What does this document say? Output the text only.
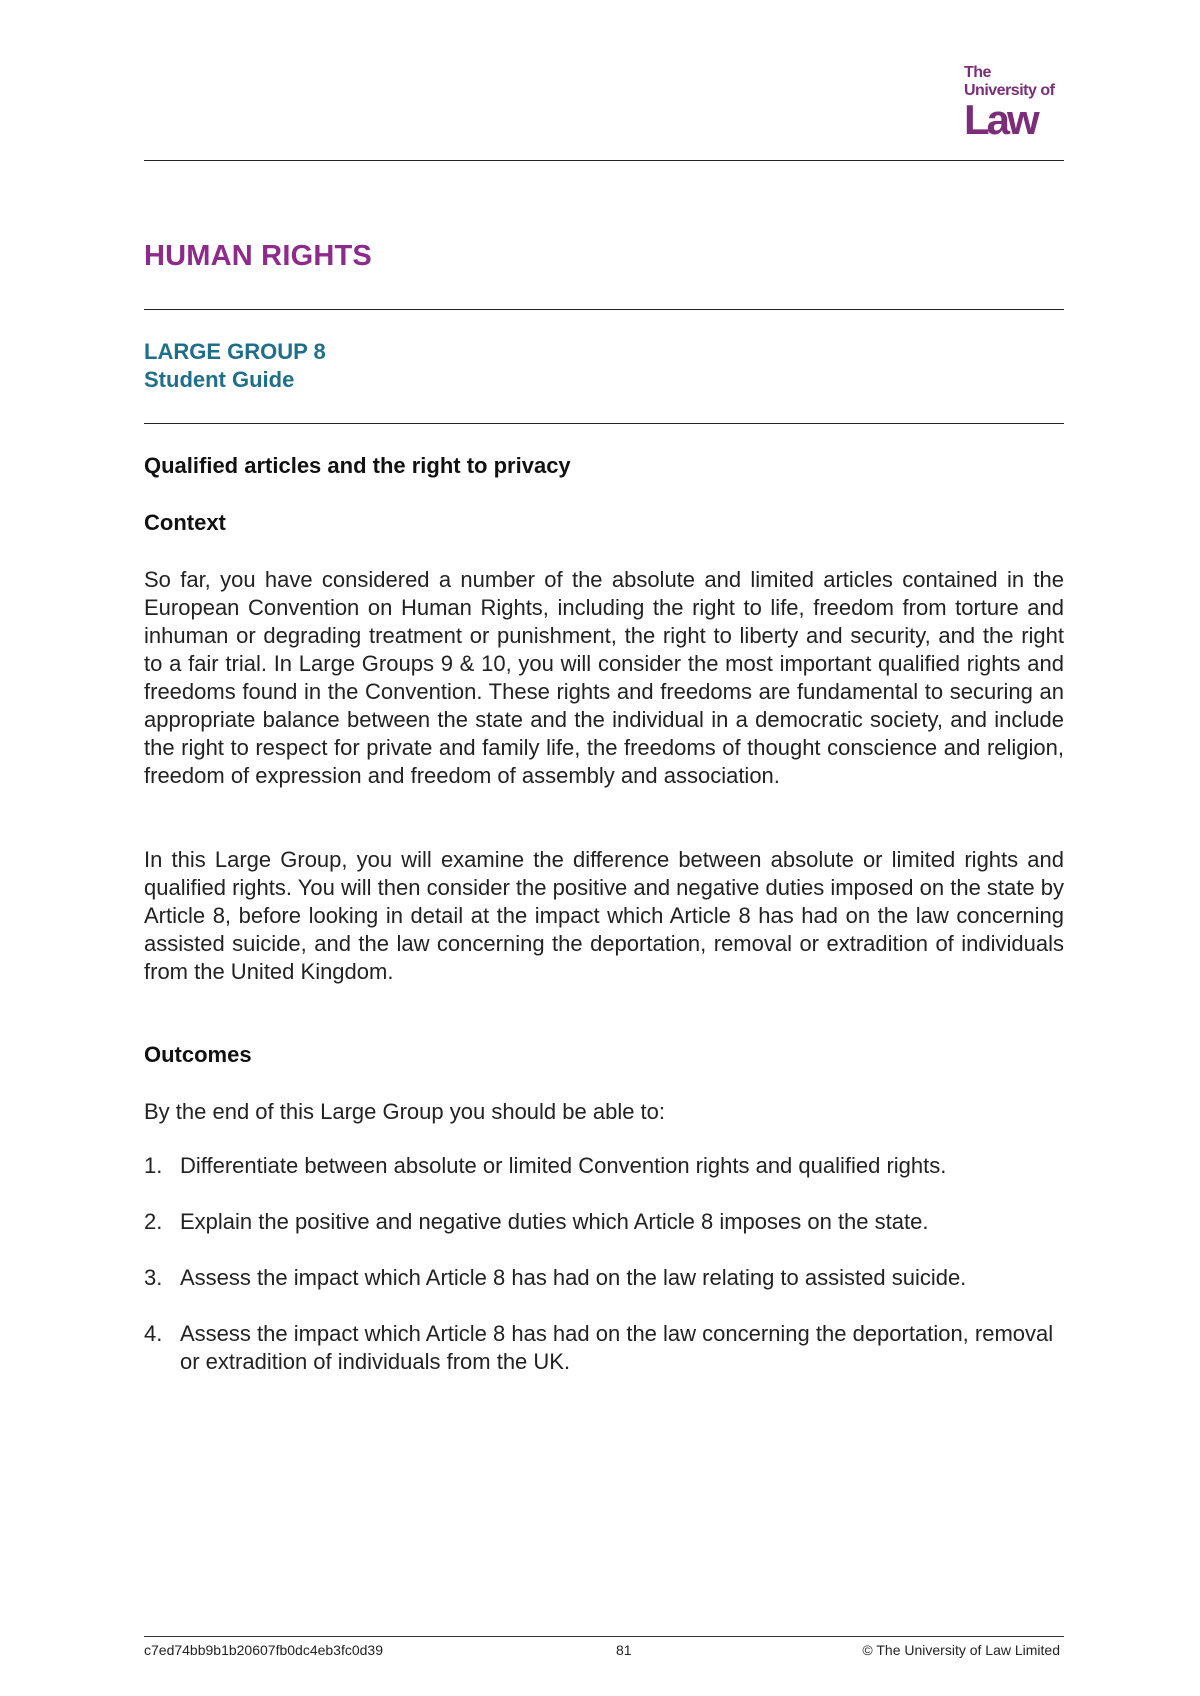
The
University of
Law
HUMAN RIGHTS
LARGE GROUP 8
Student Guide
Qualified articles and the right to privacy
Context
So far, you have considered a number of the absolute and limited articles contained in the European Convention on Human Rights, including the right to life, freedom from torture and inhuman or degrading treatment or punishment, the right to liberty and security, and the right to a fair trial. In Large Groups 9 & 10, you will consider the most important qualified rights and freedoms found in the Convention. These rights and freedoms are fundamental to securing an appropriate balance between the state and the individual in a democratic society, and include the right to respect for private and family life, the freedoms of thought conscience and religion, freedom of expression and freedom of assembly and association.
In this Large Group, you will examine the difference between absolute or limited rights and qualified rights. You will then consider the positive and negative duties imposed on the state by Article 8, before looking in detail at the impact which Article 8 has had on the law concerning assisted suicide, and the law concerning the deportation, removal or extradition of individuals from the United Kingdom.
Outcomes
By the end of this Large Group you should be able to:
1. Differentiate between absolute or limited Convention rights and qualified rights.
2. Explain the positive and negative duties which Article 8 imposes on the state.
3. Assess the impact which Article 8 has had on the law relating to assisted suicide.
4. Assess the impact which Article 8 has had on the law concerning the deportation, removal or extradition of individuals from the UK.
c7ed74bb9b1b20607fb0dc4eb3fc0d39	81	© The University of Law Limited
